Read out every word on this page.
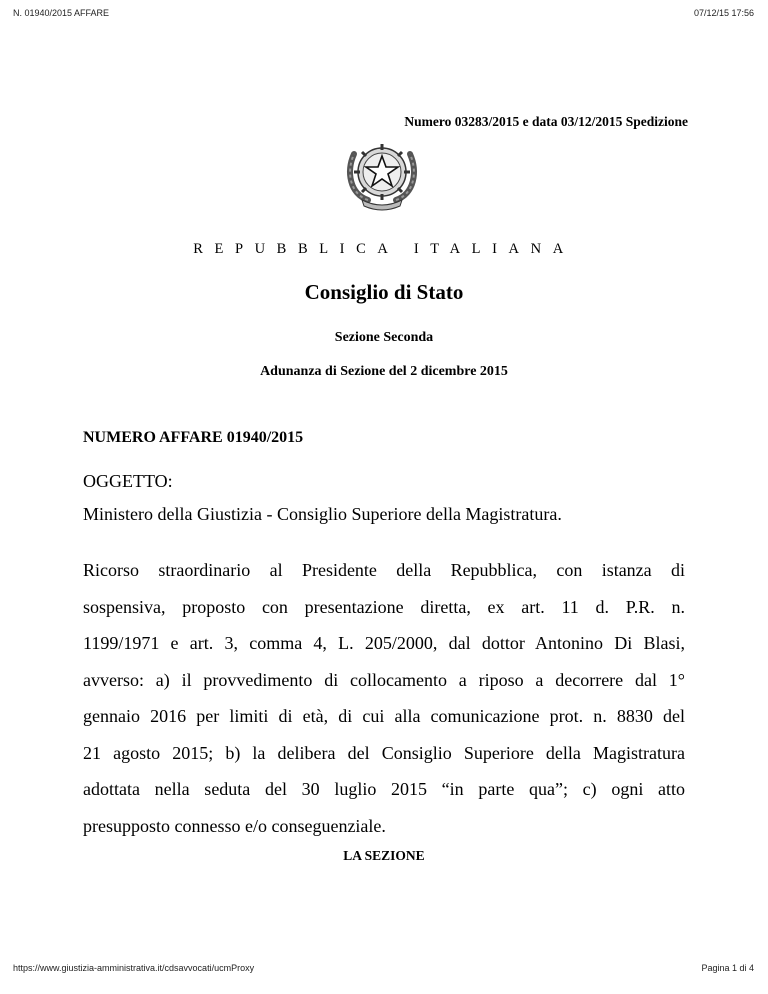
N. 01940/2015 AFFARE	07/12/15 17:56
Numero 03283/2015 e data 03/12/2015 Spedizione
REPUBBLICA ITALIANA
Consiglio di Stato
Sezione Seconda
Adunanza di Sezione del 2 dicembre 2015
NUMERO AFFARE 01940/2015
OGGETTO:
Ministero della Giustizia - Consiglio Superiore della Magistratura.
Ricorso straordinario al Presidente della Repubblica, con istanza di
sospensiva, proposto con presentazione diretta, ex art. 11 d. P.R. n.
1199/1971 e art. 3, comma 4, L. 205/2000, dal dottor Antonino Di Blasi,
avverso: a) il provvedimento di collocamento a riposo a decorrere dal 1°
gennaio 2016 per limiti di età, di cui alla comunicazione prot. n. 8830 del
21 agosto 2015; b) la delibera del Consiglio Superiore della Magistratura
adottata nella seduta del 30 luglio 2015 “in parte qua”; c) ogni atto
presupposto connesso e/o conseguenziale.
LA SEZIONE
https://www.giustizia-amministrativa.it/cdsavvocati/ucmProxy	Pagina 1 di 4
